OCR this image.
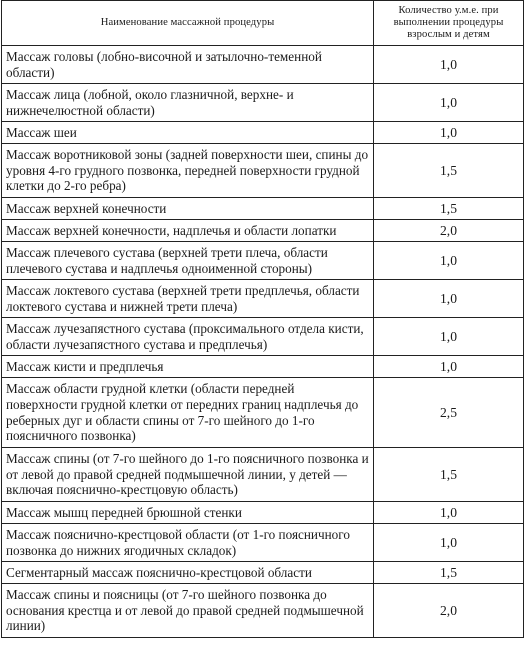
Наименование массажной процедуры	Количество у.м.е. при выполнении процедуры взрослым и детям
Массаж головы (лобно-височной и затылочно-теменной области)	1,0
Массаж лица (лобной, около глазничной, верхне- и нижнечелюстной области)	1,0
Массаж шеи	1,0
Массаж воротниковой зоны (задней поверхности шеи, спины до уровня 4-го грудного позвонка, передней поверхности грудной клетки до 2-го ребра)	1,5
Массаж верхней конечности	1,5
Массаж верхней конечности, надплечья и области лопатки	2,0
Массаж плечевого сустава (верхней трети плеча, области плечевого сустава и надплечья одноименной стороны)	1,0
Массаж локтевого сустава (верхней трети предплечья, области локтевого сустава и нижней трети плеча)	1,0
Массаж лучезапястного сустава (проксимального отдела кисти, области лучезапястного сустава и предплечья)	1,0
Массаж кисти и предплечья	1,0
Массаж области грудной клетки (области передней поверхности грудной клетки от передних границ надплечья до реберных дуг и области спины от 7-го шейного до 1-го поясничного позвонка)	2,5
Массаж спины (от 7-го шейного до 1-го поясничного позвонка и от левой до правой средней подмышечной линии, у детей — включая пояснично-крестцовую область)	1,5
Массаж мышц передней брюшной стенки	1,0
Массаж пояснично-крестцовой области (от 1-го поясничного позвонка до нижних ягодичных складок)	1,0
Сегментарный массаж пояснично-крестцовой области	1,5
Массаж спины и поясницы (от 7-го шейного позвонка до основания крестца и от левой до правой средней подмышечной линии)	2,0
